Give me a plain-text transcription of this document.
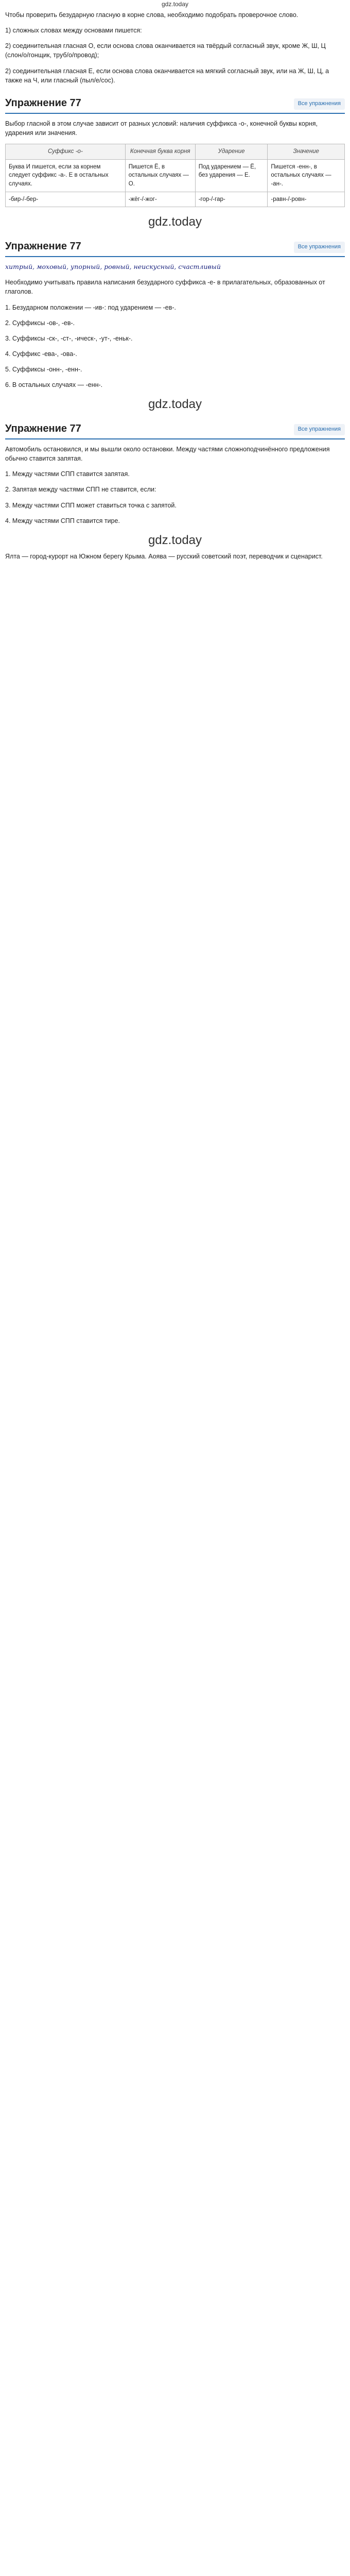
gdz.today

Чтобы проверить безударную гласную в корне слова, необходимо подобрать проверочное слово.

1) сложных словах между основами пишется:

2) соединительная гласная О, если основа слова оканчивается на твёрдый согласный звук, кроме Ж, Ш, Ц (слон/о/гонщик, труб/о/провод);

2) соединительная гласная Е, если основа слова оканчивается на мягкий согласный звук, или на Ж, Ш, Ц, а также на Ч, или гласный (пыл/е/сос).

Упражнение 77	Все упражнения

Выбор гласной в этом случае зависит от разных условий: наличия суффикса -о-, конечной буквы корня, ударения или значения.

Суффикс -о-	Конечная буква корня	Ударение	Значение
Буква И пишется, если за корнем следует суффикс -а-. Е в остальных случаях.	Пишется Ё, в остальных случаях — О.	Под ударением — Ё, без ударения — Е.	Пишется -енн-, в остальных случаях — -ан-.
-бир-/-бер-	-жёг-/-жог-	-гор-/-гар-	-равн-/-ровн-
gdz.today
Упражнение 77	Все упражнения

хитрый, моховый, упорный, ровный, неискусный, счастливый

Необходимо учитывать правила написания безударного суффикса -е- в прилагательных, образованных от глаголов.

1. Безударном положении — -ив-: под ударением — -ев-.

2. Суффиксы -ов-, -ев-.

3. Суффиксы -ск-, -ст-, -ическ-, -ут-, -еньк-.

4. Суффикс -ева-, -ова-.

5. Суффиксы -онн-, -енн-.

6. В остальных случаях — -енн-.

gdz.today
Упражнение 77	Все упражнения

Автомобиль остановился, и мы вышли около остановки. Между частями сложноподчинённого предложения обычно ставится запятая.

1. Между частями СПП ставится запятая.

2. Запятая между частями СПП не ставится, если:

3. Между частями СПП может ставиться точка с запятой.

4. Между частями СПП ставится тире.

gdz.today

Ялта — город-курорт на Южном берегу Крыма. Аоява — русский советский поэт, переводчик и сценарист.
